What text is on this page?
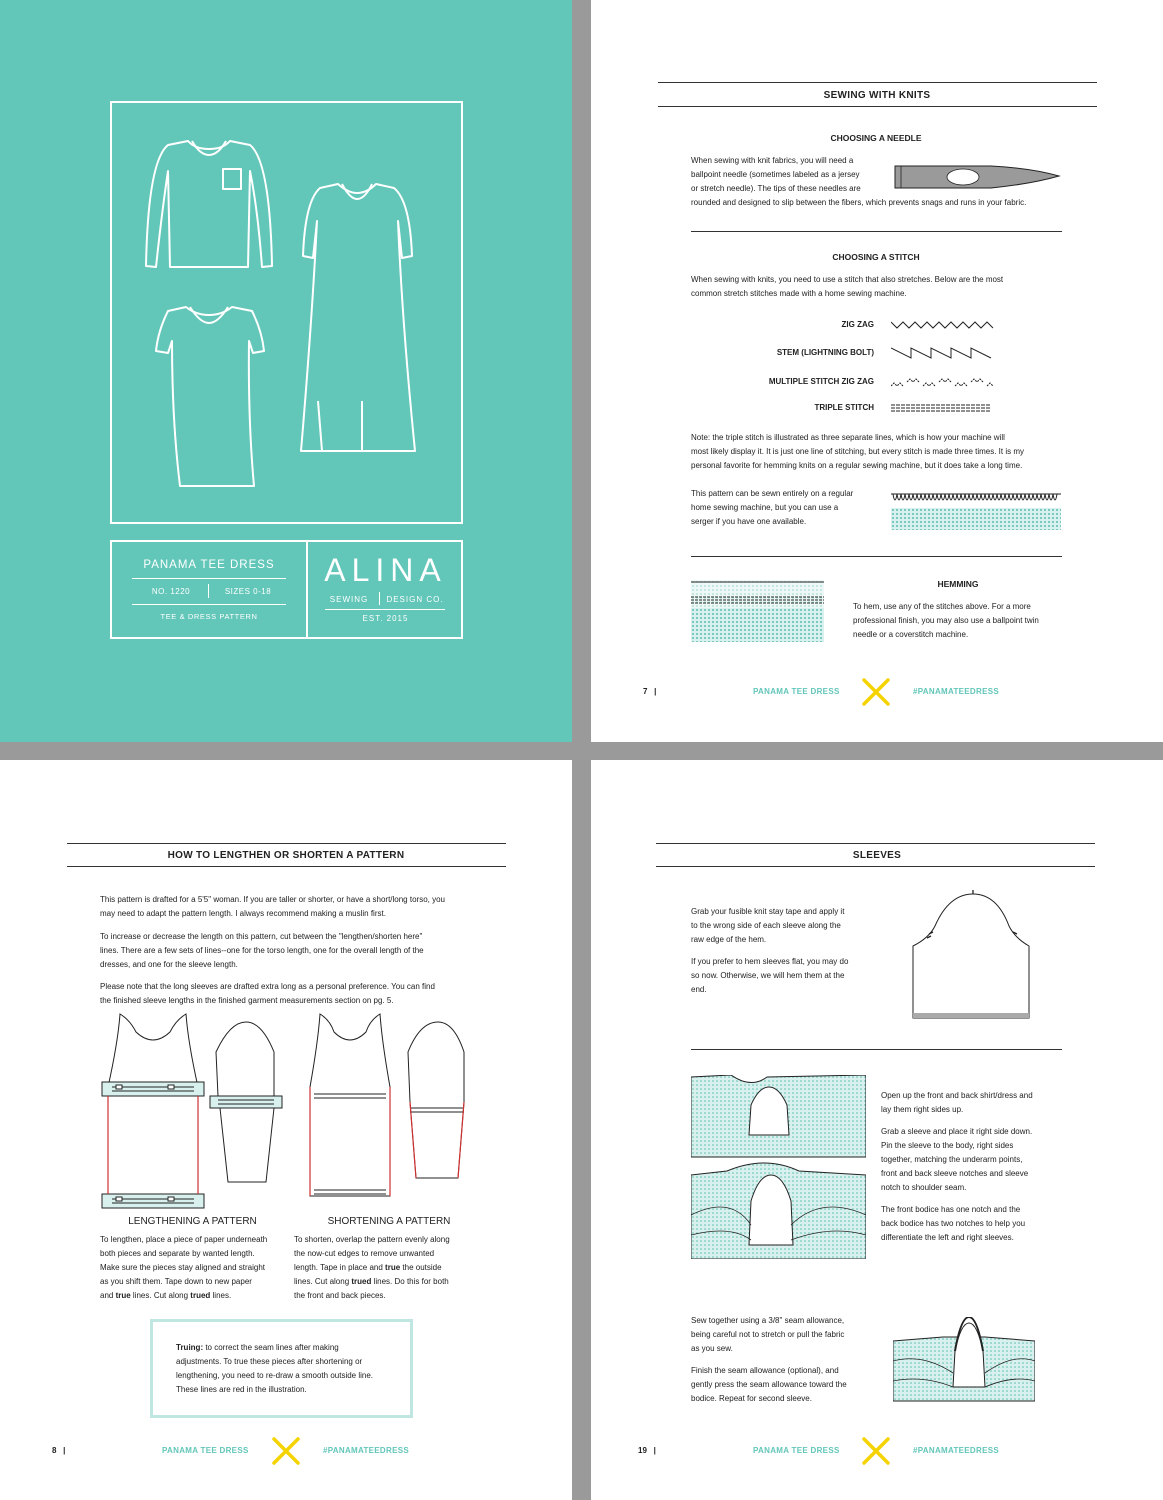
PANAMA TEE DRESS
NO. 1220	SIZES 0-18
TEE & DRESS PATTERN
ALINA
SEWING	DESIGN CO.
EST. 2015
SEWING WITH KNITS
CHOOSING A NEEDLE
When sewing with knit fabrics, you will need a
ballpoint needle (sometimes labeled as a jersey
or stretch needle). The tips of these needles are
rounded and designed to slip between the fibers, which prevents snags and runs in your fabric.
CHOOSING A STITCH
When sewing with knits, you need to use a stitch that also stretches. Below are the most
common stretch stitches made with a home sewing machine.
ZIG ZAG
STEM (LIGHTNING BOLT)
MULTIPLE STITCH ZIG ZAG
TRIPLE STITCH
Note: the triple stitch is illustrated as three separate lines, which is how your machine will
most likely display it. It is just one line of stitching, but every stitch is made three times. It is my
personal favorite for hemming knits on a regular sewing machine, but it does take a long time.
This pattern can be sewn entirely on a regular
home sewing machine, but you can use a
serger if you have one available.
HEMMING
To hem, use any of the stitches above. For a more
professional finish, you may also use a ballpoint twin
needle or a coverstitch machine.
7   |	PANAMA TEE DRESS	#PANAMATEEDRESS
HOW TO LENGTHEN OR SHORTEN A PATTERN
This pattern is drafted for a 5'5" woman. If you are taller or shorter, or have a short/long torso, you
may need to adapt the pattern length. I always recommend making a muslin first.
To increase or decrease the length on this pattern, cut between the "lengthen/shorten here"
lines. There are a few sets of lines--one for the torso length, one for the overall length of the
dresses, and one for the sleeve length.
Please note that the long sleeves are drafted extra long as a personal preference. You can find
the finished sleeve lengths in the finished garment measurements section on pg. 5.
LENGTHENING A PATTERN	SHORTENING A PATTERN
To lengthen, place a piece of paper underneath
both pieces and separate by wanted length.
Make sure the pieces stay aligned and straight
as you shift them. Tape down to new paper
and true lines. Cut along trued lines.
To shorten, overlap the pattern evenly along
the now-cut edges to remove unwanted
length. Tape in place and true the outside
lines. Cut along trued lines. Do this for both
the front and back pieces.
Truing: to correct the seam lines after making
adjustments. To true these pieces after shortening or
lengthening, you need to re-draw a smooth outside line.
These lines are red in the illustration.
8   |	PANAMA TEE DRESS	#PANAMATEEDRESS
SLEEVES
Grab your fusible knit stay tape and apply it
to the wrong side of each sleeve along the
raw edge of the hem.
If you prefer to hem sleeves flat, you may do
so now. Otherwise, we will hem them at the
end.
Open up the front and back shirt/dress and
lay them right sides up.
Grab a sleeve and place it right side down.
Pin the sleeve to the body, right sides
together, matching the underarm points,
front and back sleeve notches and sleeve
notch to shoulder seam.
The front bodice has one notch and the
back bodice has two notches to help you
differentiate the left and right sleeves.
Sew together using a 3/8" seam allowance,
being careful not to stretch or pull the fabric
as you sew.
Finish the seam allowance (optional), and
gently press the seam allowance toward the
bodice. Repeat for second sleeve.
19   |	PANAMA TEE DRESS	#PANAMATEEDRESS
